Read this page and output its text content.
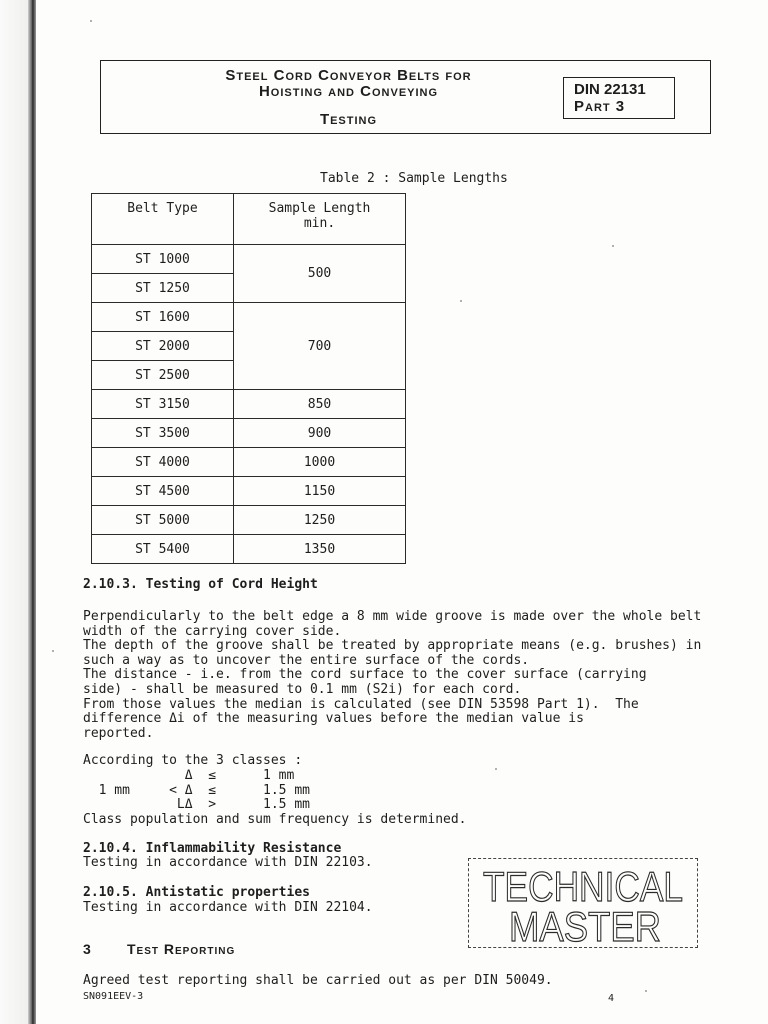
Steel Cord Conveyor Belts for
Hoisting and Conveying
Testing
DIN 22131
Part 3
Table 2 : Sample Lengths
Belt Type	Sample Length
min.
ST 1000	500
ST 1250	
ST 1600	700
ST 2000	
ST 2500	
ST 3150	850
ST 3500	900
ST 4000	1000
ST 4500	1150
ST 5000	1250
ST 5400	1350
2.10.3. Testing of Cord Height
Perpendicularly to the belt edge a 8 mm wide groove is made over the whole belt
width of the carrying cover side.
The depth of the groove shall be treated by appropriate means (e.g. brushes) in
such a way as to uncover the entire surface of the cords.
The distance - i.e. from the cord surface to the cover surface (carrying
side) - shall be measured to 0.1 mm (S2i) for each cord.
From those values the median is calculated (see DIN 53598 Part 1).  The
difference Δi of the measuring values before the median value is
reported.
According to the 3 classes :
Δ  ≤      1 mm
1 mm     < Δ  ≤      1.5 mm
LΔ  >      1.5 mm
Class population and sum frequency is determined.
2.10.4. Inflammability Resistance
Testing in accordance with DIN 22103.
2.10.5. Antistatic properties
Testing in accordance with DIN 22104.
3	Test Reporting
Agreed test reporting shall be carried out as per DIN 50049.
TECHNICAL
MASTER
SN091EEV-3	4
